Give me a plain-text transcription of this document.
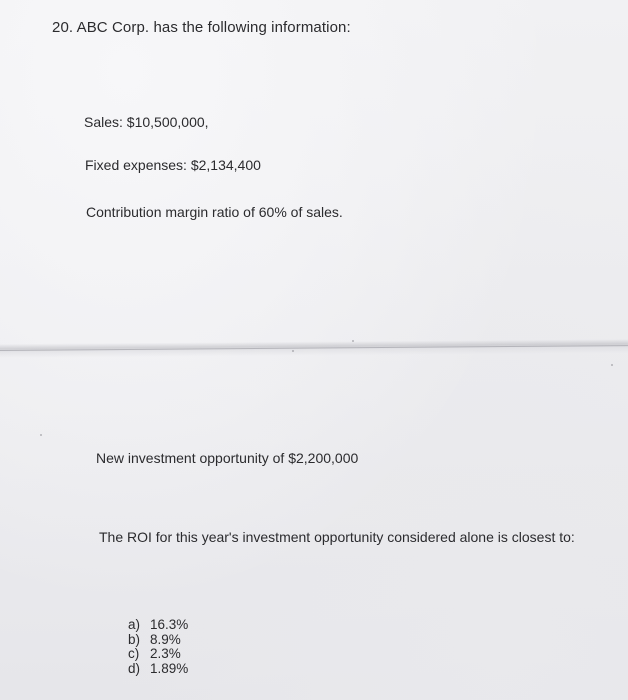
20. ABC Corp. has the following information:
Sales: $10,500,000,
Fixed expenses: $2,134,400
Contribution margin ratio of 60% of sales.
New investment opportunity of $2,200,000
The ROI for this year's investment opportunity considered alone is closest to:
a) 16.3%
b) 8.9%
c) 2.3%
d) 1.89%
